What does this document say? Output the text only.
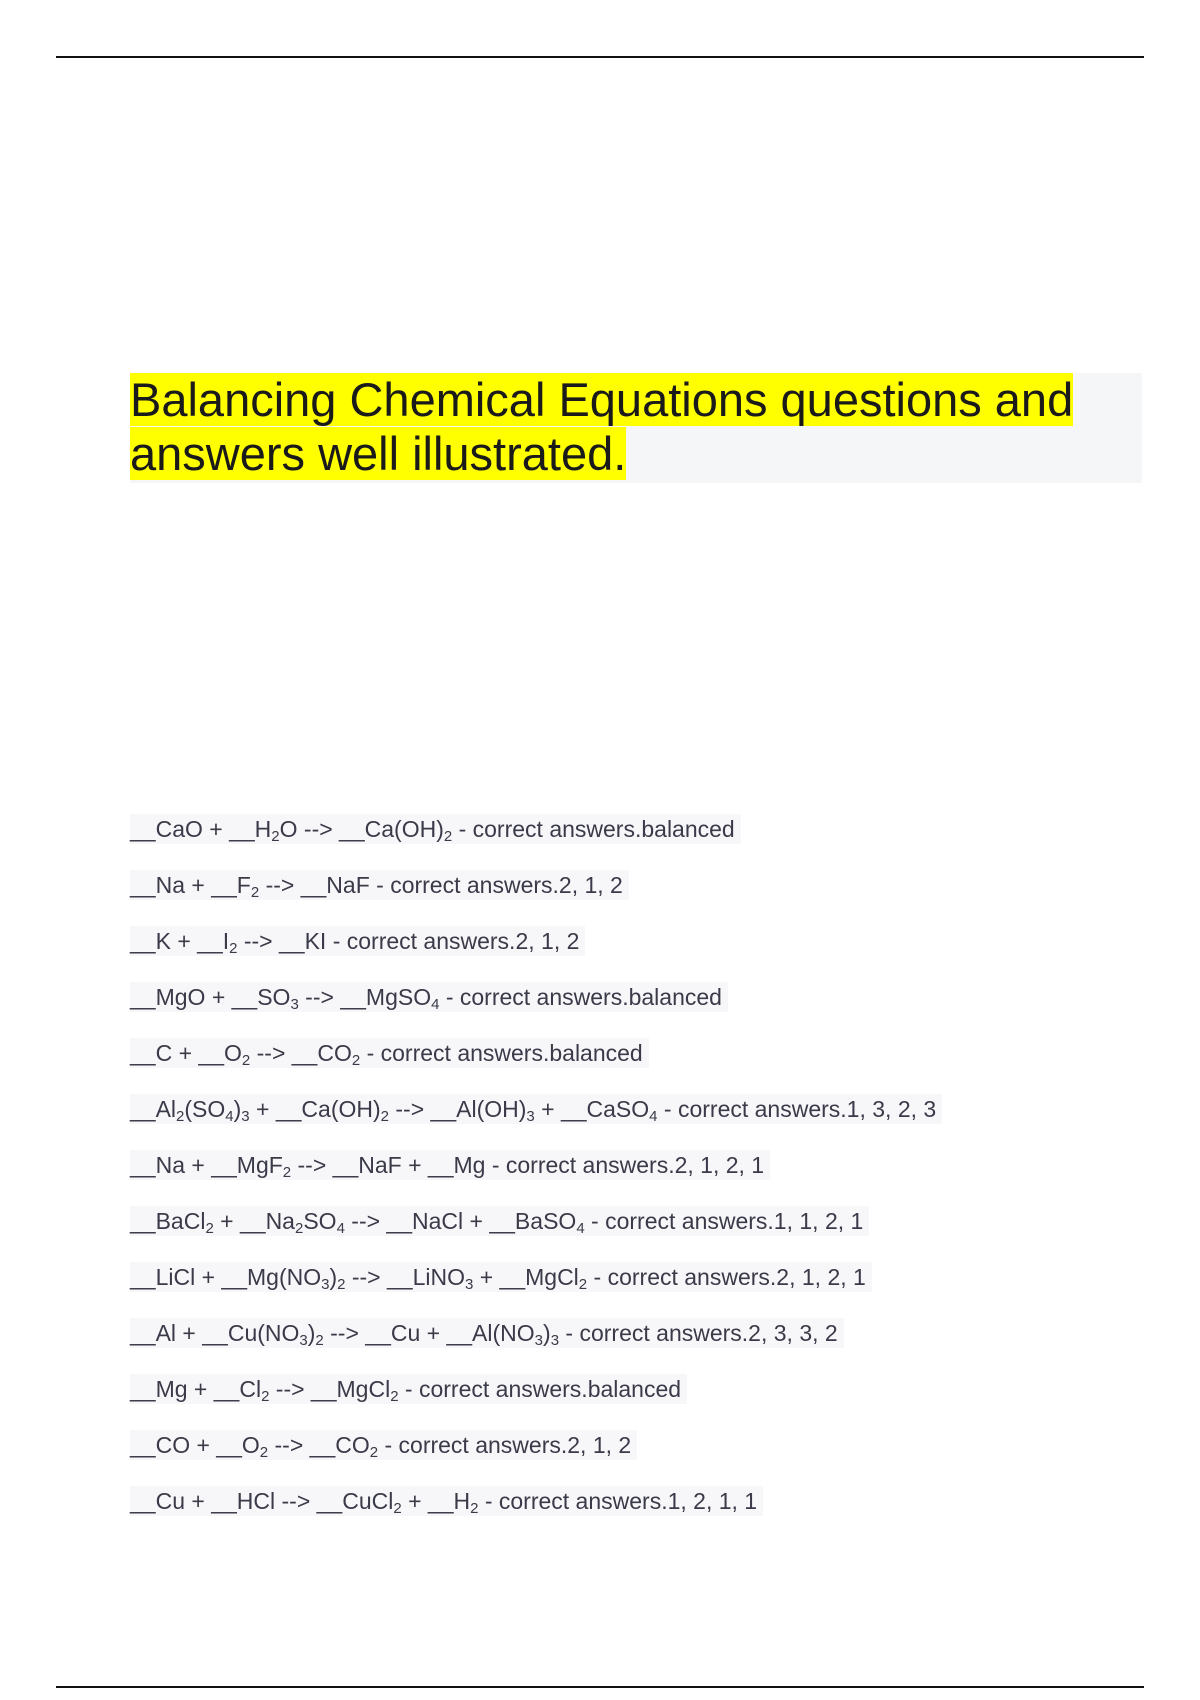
Balancing Chemical Equations questions and answers well illustrated.
__CaO + $\_\_H_2O$ --> $\_\_Ca(OH)_2$ - correct answers.balanced
__Na + $\_\_F_2$ --> __NaF - correct answers.2, 1, 2
__K + $\_\_I_2$ --> __KI - correct answers.2, 1, 2
__MgO + $\_\_SO_3$ --> __MgSO$_4$ - correct answers.balanced
__C + $\_\_O_2$ --> $\_\_CO_2$ - correct answers.balanced
$\_\_Al_2(SO_4)_3$ + $\_\_Ca(OH)_2$ --> $\_\_Al(OH)_3$ + __CaSO$_4$ - correct answers.1, 3, 2, 3
__Na + __MgF$_2$ --> __NaF + __Mg - correct answers.2, 1, 2, 1
__BaCl$_2$ + $\_\_Na_2SO_4$ --> __NaCl + __BaSO$_4$ - correct answers.1, 1, 2, 1
__LiCl + $\_\_Mg(NO_3)_2$ --> __LiNO$_3$ + __MgCl$_2$ - correct answers.2, 1, 2, 1
__Al + $\_\_Cu(NO_3)_2$ --> __Cu + $\_\_Al(NO_3)_3$ - correct answers.2, 3, 3, 2
__Mg + $\_\_Cl_2$ --> __MgCl$_2$ - correct answers.balanced
__CO + $\_\_O_2$ --> $\_\_CO_2$ - correct answers.2, 1, 2
__Cu + __HCl --> __CuCl$_2$ + $\_\_H_2$ - correct answers.1, 2, 1, 1
